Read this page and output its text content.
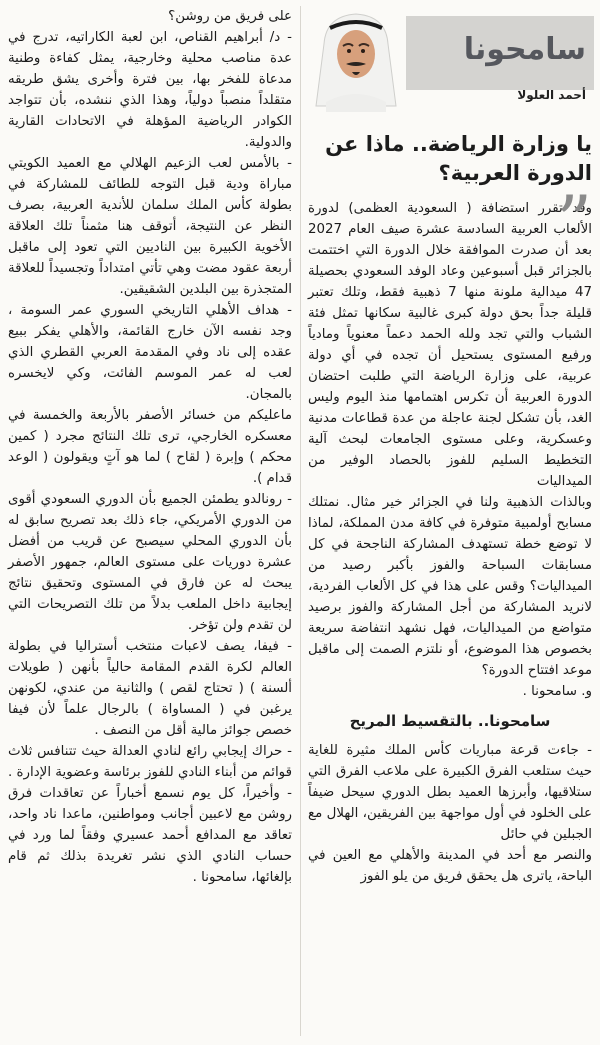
سامحونا
أحمد العلولا
يا وزارة الرياضة.. ماذا عن الدورة العربية؟
”

وقد تقرر استضافة ( السعودية العظمى) لدورة الألعاب العربية السادسة عشرة صيف العام 2027 بعد أن صدرت الموافقة خلال الدورة التي اختتمت بالجزائر قبل أسبوعين وعاد الوفد السعودي بحصيلة 47 ميدالية ملونة منها 7 ذهبية فقط، وتلك تعتبر قليلة جداً بحق دولة كبرى غالبية سكانها تمثل فئة الشباب والتي تجد ولله الحمد دعماً معنوياً ومادياً ورفيع المستوى يستحيل أن تجده في أي دولة عربية، على وزارة الرياضة التي طلبت احتضان الدورة العربية أن تكرس اهتمامها منذ اليوم وليس الغد، بأن تشكل لجنة عاجلة من عدة قطاعات مدنية وعسكرية، وعلى مستوى الجامعات لبحث آلية التخطيط السليم للفوز بالحصاد الوفير من الميداليات

وبالذات الذهبية ولنا في الجزائر خير مثال. نمتلك مسابح أولمبية متوفرة في كافة مدن المملكة، لماذا لا توضع خطة تستهدف المشاركة الناجحة في كل مسابقات السباحة والفوز بأكبر رصيد من الميداليات؟ وقس على هذا في كل الألعاب الفردية، لانريد المشاركة من أجل المشاركة والفوز برصيد متواضع من الميداليات، فهل نشهد انتفاضة سريعة بخصوص هذا الموضوع، أو نلتزم الصمت إلى ماقبل موعد افتتاح الدورة؟

و. سامحونا .

سامحونا.. بالتقسيط المريح

- جاءت قرعة مباريات كأس الملك مثيرة للغاية حيث ستلعب الفرق الكبيرة على ملاعب الفرق التي ستلاقيها، وأبرزها العميد بطل الدوري سيحل ضيفاً على الخلود في أول مواجهة بين الفريقين، الهلال مع الجبلين في حائل

والنصر مع أحد في المدينة والأهلي مع العين في الباحة، ياترى هل يحقق فريق من يلو الفوز

على فريق من روشن؟

- د/ أبراهيم القناص، ابن لعبة الكاراتيه، تدرج في عدة مناصب محلية وخارجية، يمثل كفاءة وطنية مدعاة للفخر بها، بين فترة وأخرى يشق طريقه متقلداً منصباً دولياً، وهذا الذي ننشده، بأن تتواجد الكوادر الرياضية المؤهلة في الاتحادات القارية والدولية.

- بالأمس لعب الزعيم الهلالي مع العميد الكويتي مباراة ودية قبل التوجه للطائف للمشاركة في بطولة كأس الملك سلمان للأندية العربية، بصرف النظر عن النتيجة، أتوقف هنا مثمناً تلك العلاقة الأخوية الكبيرة بين الناديين التي تعود إلى ماقبل أربعة عقود مضت وهي تأتي امتداداً وتجسيداً للعلاقة المتجذرة بين البلدين الشقيقين.

- هداف الأهلي التاريخي السوري عمر السومة ، وجد نفسه الآن خارج القائمة، والأهلي يفكر ببيع عقده إلى ناد وفي المقدمة العربي القطري الذي لعب له عمر الموسم الفائت، وكي لايخسره بالمجان.

ماعليكم من خسائر الأصفر بالأربعة والخمسة في معسكره الخارجي، ترى تلك النتائج مجرد ( كمين محكم ) وإبرة ( لقاح ) لما هو آتٍ ويقولون ( الوعد قدام ).

- رونالدو يطمئن الجميع بأن الدوري السعودي أقوى من الدوري الأمريكي، جاء ذلك بعد تصريح سابق له بأن الدوري المحلي سيصبح عن قريب من أفضل عشرة دوريات على مستوى العالم، جمهور الأصفر يبحث له عن فارق في المستوى وتحقيق نتائج إيجابية داخل الملعب بدلاً من تلك التصريحات التي لن تقدم ولن تؤخر.

- فيفا، يصف لاعبات منتخب أستراليا في بطولة العالم لكرة القدم المقامة حالياً بأنهن ( طويلات ألسنة ) ( تحتاج لقص ) والثانية من عندي، لكونهن يرغبن في ( المساواة ) بالرجال علماً لأن فيفا خصص جوائز مالية أقل من النصف .

- حراك إيجابي رائع لنادي العدالة حيث تتنافس ثلاث قوائم من أبناء النادي للفوز برئاسة وعضوية الإدارة .

- وأخيراً، كل يوم نسمع أخباراً عن تعاقدات فرق روشن مع لاعبين أجانب ومواطنين، ماعدا ناد واحد، تعاقد مع المدافع أحمد عسيري وفقاً لما ورد في حساب النادي الذي نشر تغريدة بذلك ثم قام بإلغائها، سامحونا .
